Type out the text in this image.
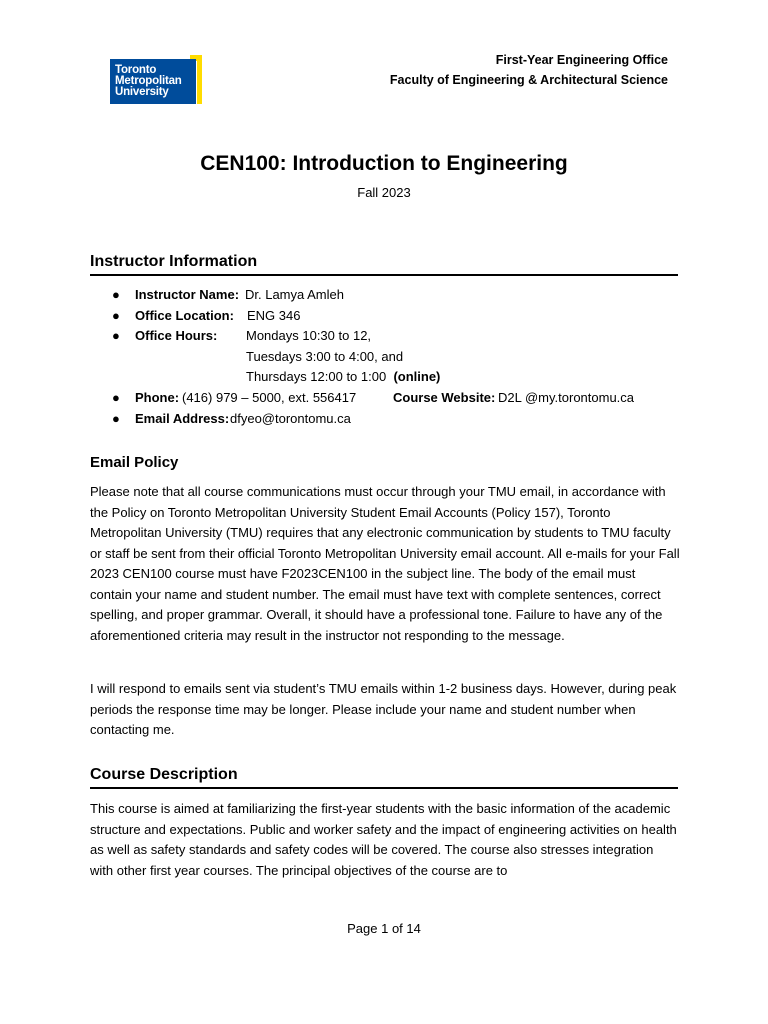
Toronto
Metropolitan
University
First-Year Engineering Office
Faculty of Engineering & Architectural Science
CEN100: Introduction to Engineering
Fall 2023
Instructor Information
● Instructor Name: Dr. Lamya Amleh
● Office Location: ENG 346
● Office Hours: Mondays 10:30 to 12,
Tuesdays 3:00 to 4:00, and
Thursdays 12:00 to 1:00 (online)
● Phone: (416) 979 – 5000, ext. 556417	Course Website: D2L @my.torontomu.ca
● Email Address: dfyeo@torontomu.ca
Email Policy
Please note that all course communications must occur through your TMU email, in accordance with the Policy on Toronto Metropolitan University Student Email Accounts (Policy 157), Toronto Metropolitan University (TMU) requires that any electronic communication by students to TMU faculty or staff be sent from their official Toronto Metropolitan University email account. All e-mails for your Fall 2023 CEN100 course must have F2023CEN100 in the subject line. The body of the email must contain your name and student number. The email must have text with complete sentences, correct spelling, and proper grammar. Overall, it should have a professional tone. Failure to have any of the aforementioned criteria may result in the instructor not responding to the message.
I will respond to emails sent via student’s TMU emails within 1-2 business days. However, during peak periods the response time may be longer. Please include your name and student number when contacting me.
Course Description
This course is aimed at familiarizing the first-year students with the basic information of the academic structure and expectations. Public and worker safety and the impact of engineering activities on health as well as safety standards and safety codes will be covered. The course also stresses integration with other first year courses. The principal objectives of the course are to
Page 1 of 14
